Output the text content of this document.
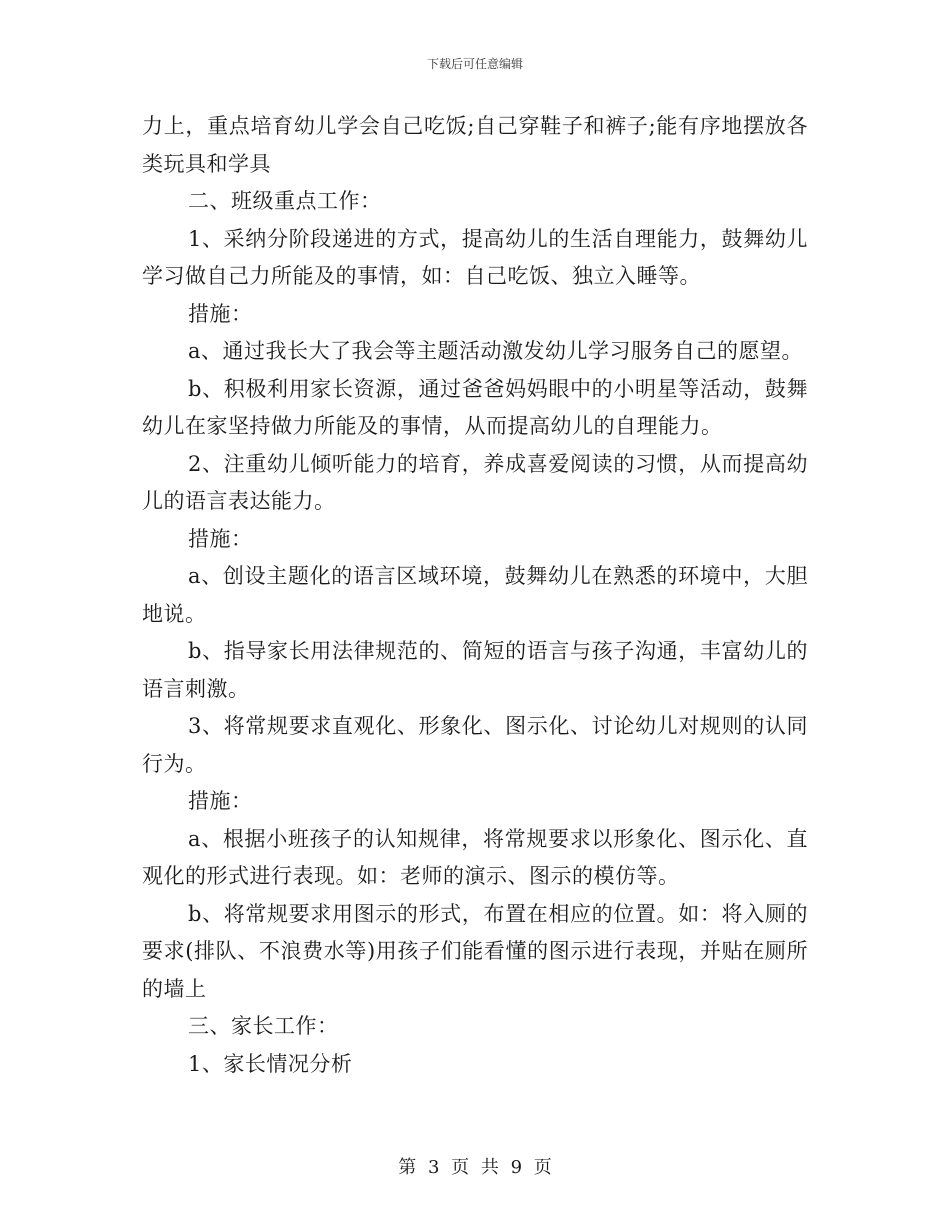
下载后可任意编辑

力上，重点培育幼儿学会自己吃饭;自己穿鞋子和裤子;能有序地摆放各类玩具和学具

二、班级重点工作：

1、采纳分阶段递进的方式，提高幼儿的生活自理能力，鼓舞幼儿学习做自己力所能及的事情，如：自己吃饭、独立入睡等。

措施：

a、通过我长大了我会等主题活动激发幼儿学习服务自己的愿望。

b、积极利用家长资源，通过爸爸妈妈眼中的小明星等活动，鼓舞幼儿在家坚持做力所能及的事情，从而提高幼儿的自理能力。

2、注重幼儿倾听能力的培育，养成喜爱阅读的习惯，从而提高幼儿的语言表达能力。

措施：

a、创设主题化的语言区域环境，鼓舞幼儿在熟悉的环境中，大胆地说。

b、指导家长用法律规范的、简短的语言与孩子沟通，丰富幼儿的语言刺激。

3、将常规要求直观化、形象化、图示化、讨论幼儿对规则的认同行为。

措施：

a、根据小班孩子的认知规律，将常规要求以形象化、图示化、直观化的形式进行表现。如：老师的演示、图示的模仿等。

b、将常规要求用图示的形式，布置在相应的位置。如：将入厕的要求(排队、不浪费水等)用孩子们能看懂的图示进行表现，并贴在厕所的墙上

三、家长工作：

1、家长情况分析

第 3 页 共 9 页
